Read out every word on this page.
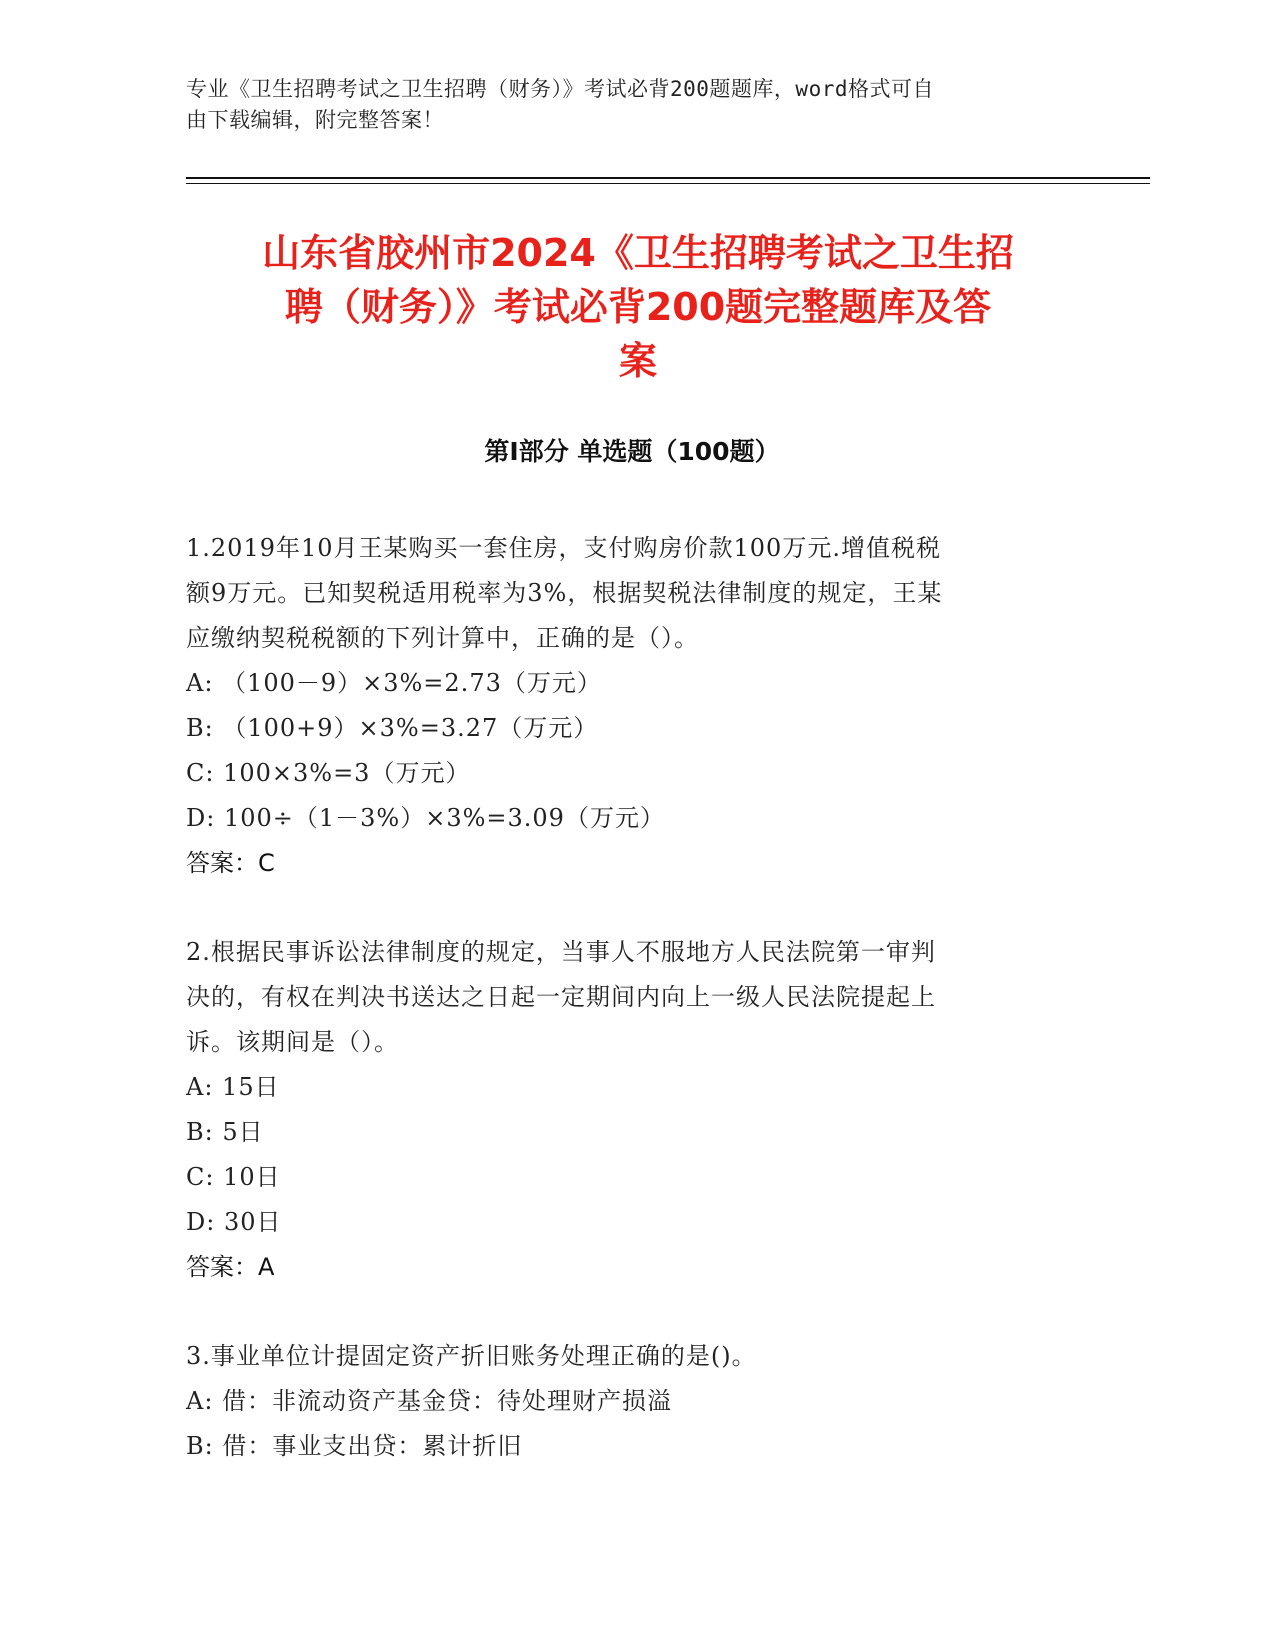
专业《卫生招聘考试之卫生招聘（财务）》考试必背200题题库，word格式可自
由下载编辑，附完整答案！
山东省胶州市2024《卫生招聘考试之卫生招
聘（财务）》考试必背200题完整题库及答
案
第I部分 单选题（100题）
1.2019年10月王某购买一套住房，支付购房价款100万元.增值税税
额9万元。已知契税适用税率为3%，根据契税法律制度的规定，王某
应缴纳契税税额的下列计算中，正确的是（）。
A: （100－9）×3%=2.73（万元）
B: （100+9）×3%=3.27（万元）
C: 100×3%=3（万元）
D: 100÷（1－3%）×3%=3.09（万元）
答案：C
2.根据民事诉讼法律制度的规定，当事人不服地方人民法院第一审判
决的，有权在判决书送达之日起一定期间内向上一级人民法院提起上
诉。该期间是（）。
A: 15日
B: 5日
C: 10日
D: 30日
答案：A
3.事业单位计提固定资产折旧账务处理正确的是()。
A: 借：非流动资产基金贷：待处理财产损溢
B: 借：事业支出贷：累计折旧
